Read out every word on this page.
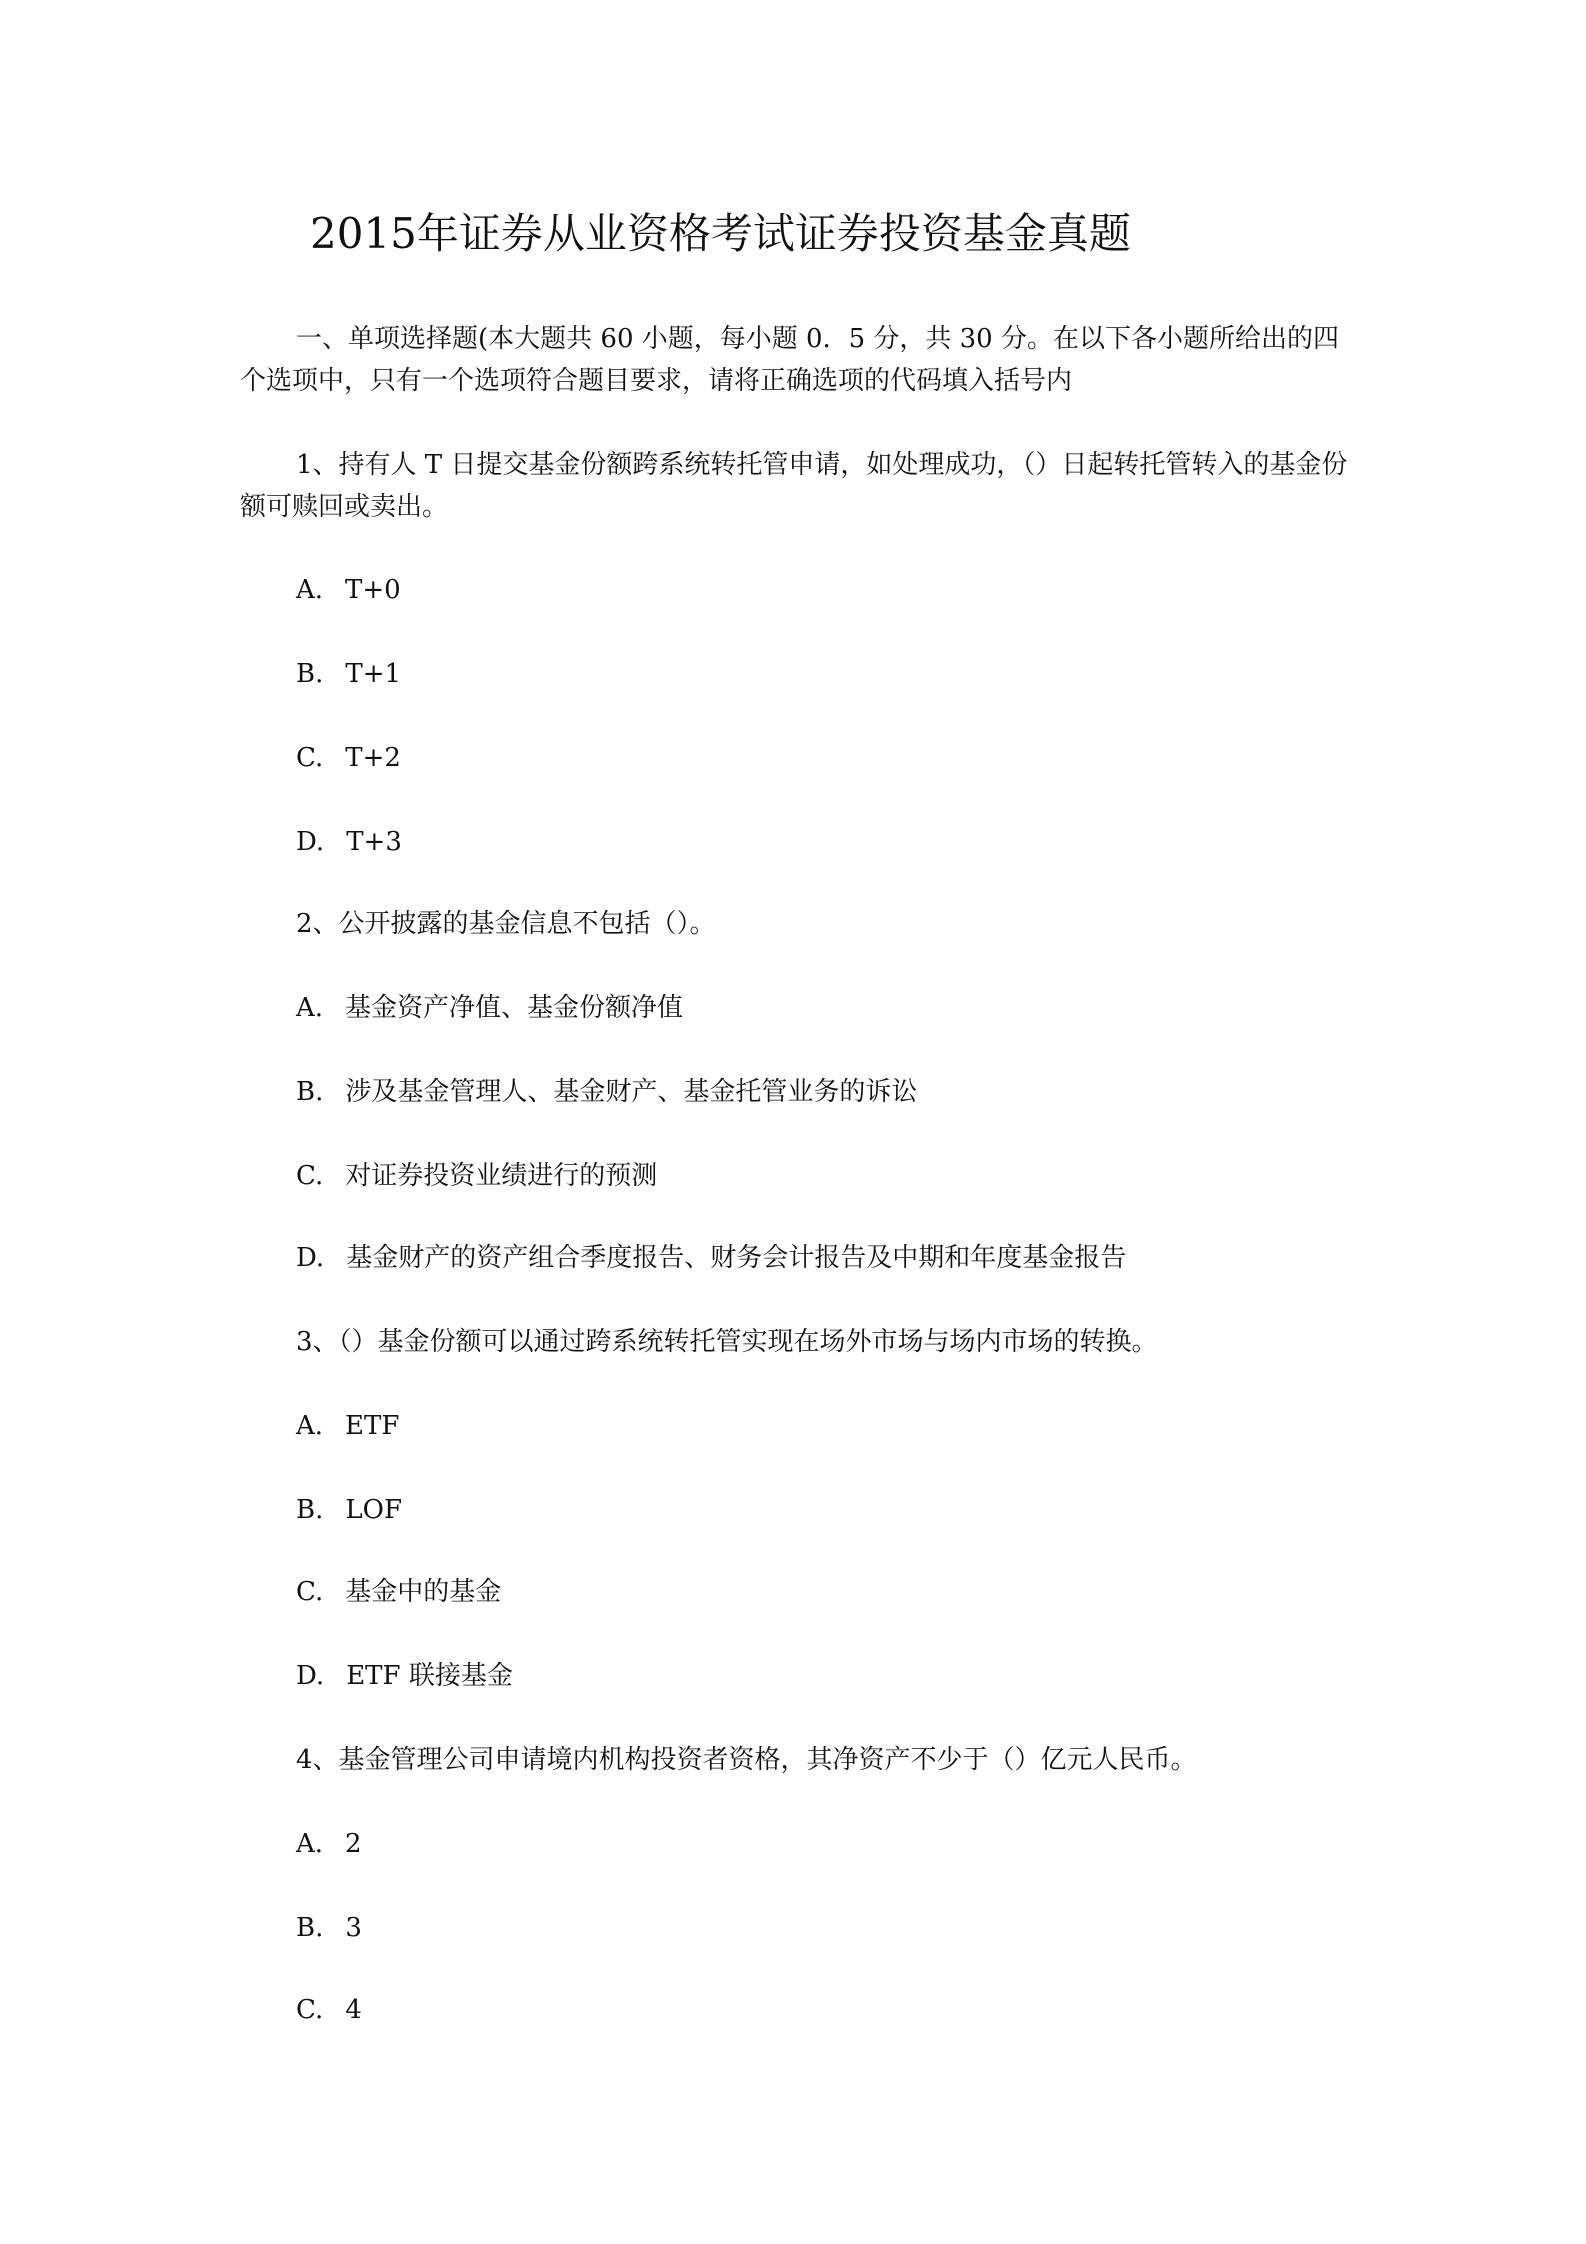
2015年证券从业资格考试证券投资基金真题
一、单项选择题(本大题共 60 小题，每小题 0．5 分，共 30 分。在以下各小题所给出的四个选项中，只有一个选项符合题目要求，请将正确选项的代码填入括号内
1、持有人 T 日提交基金份额跨系统转托管申请，如处理成功，（）日起转托管转入的基金份额可赎回或卖出。
A. T+0
B. T+1
C. T+2
D. T+3
2、公开披露的基金信息不包括（）。
A. 基金资产净值、基金份额净值
B. 涉及基金管理人、基金财产、基金托管业务的诉讼
C. 对证券投资业绩进行的预测
D. 基金财产的资产组合季度报告、财务会计报告及中期和年度基金报告
3、（）基金份额可以通过跨系统转托管实现在场外市场与场内市场的转换。
A. ETF
B. LOF
C. 基金中的基金
D. ETF 联接基金
4、基金管理公司申请境内机构投资者资格，其净资产不少于（）亿元人民币。
A. 2
B. 3
C. 4
